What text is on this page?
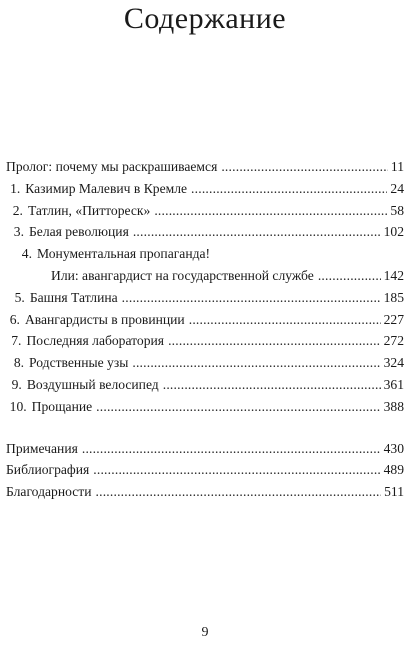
Содержание
Пролог: почему мы раскрашиваемся . . .	11
1. Казимир Малевич в Кремле . . .	24
2. Татлин, «Питтореск» . . .	58
3. Белая революция . . .	102
4. Монументальная пропаганда!
Или: авангардист на государственной службе . . .	142
5. Башня Татлина . . .	185
6. Авангардисты в провинции . . .	227
7. Последняя лаборатория . . .	272
8. Родственные узы . . .	324
9. Воздушный велосипед . . .	361
10. Прощание . . .	388
Примечания . . .	430
Библиография . . .	489
Благодарности . . .	511
9
